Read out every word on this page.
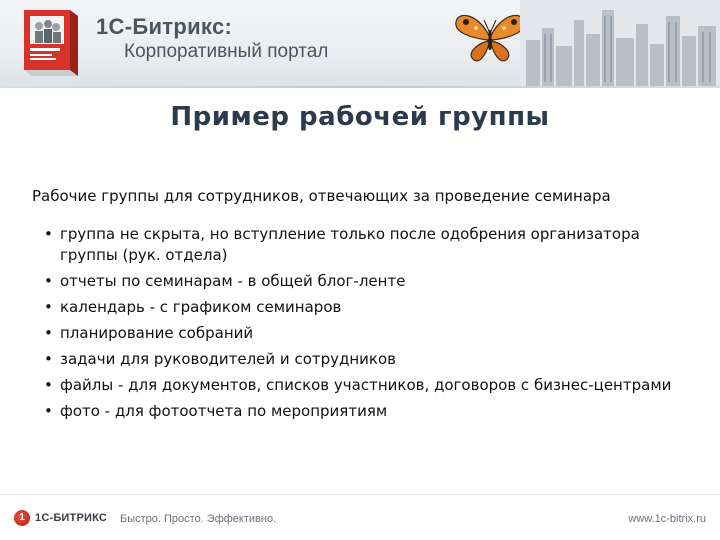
1С-Битрикс:
Корпоративный портал
Пример рабочей группы
Рабочие группы для сотрудников, отвечающих за проведение семинара
• группа не скрыта, но вступление только после одобрения организатора группы (рук. отдела)
• отчеты по семинарам - в общей блог-ленте
• календарь - с графиком семинаров
• планирование собраний
• задачи для руководителей и сотрудников
• файлы - для документов, списков участников, договоров с бизнес-центрами
• фото - для фотоотчета по мероприятиям
1 1С-БИТРИКС Быстро. Просто. Эффективно.	www.1c-bitrix.ru
